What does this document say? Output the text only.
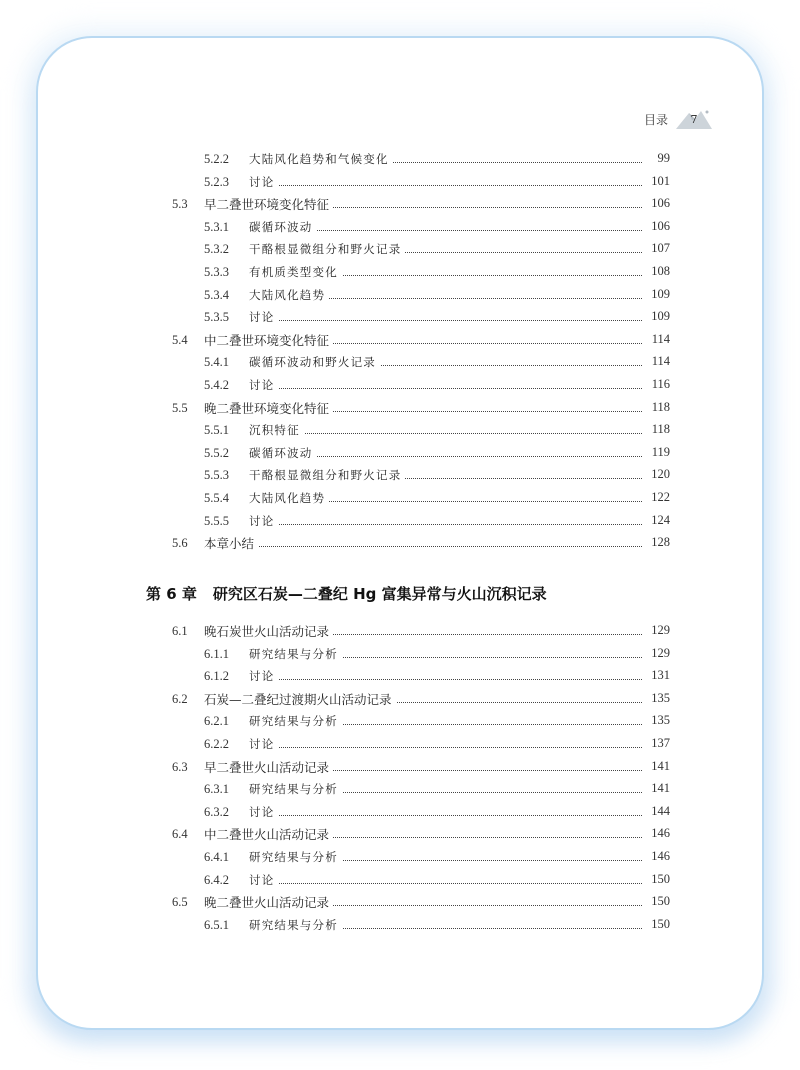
目录	7
5.2.2 大陆风化趋势和气候变化	99
5.2.3 讨论	101
5.3 早二叠世环境变化特征	106
5.3.1 碳循环波动	106
5.3.2 干酪根显微组分和野火记录	107
5.3.3 有机质类型变化	108
5.3.4 大陆风化趋势	109
5.3.5 讨论	109
5.4 中二叠世环境变化特征	114
5.4.1 碳循环波动和野火记录	114
5.4.2 讨论	116
5.5 晚二叠世环境变化特征	118
5.5.1 沉积特征	118
5.5.2 碳循环波动	119
5.5.3 干酪根显微组分和野火记录	120
5.5.4 大陆风化趋势	122
5.5.5 讨论	124
5.6 本章小结	128
第 6 章 研究区石炭—二叠纪 Hg 富集异常与火山沉积记录
6.1 晚石炭世火山活动记录	129
6.1.1 研究结果与分析	129
6.1.2 讨论	131
6.2 石炭—二叠纪过渡期火山活动记录	135
6.2.1 研究结果与分析	135
6.2.2 讨论	137
6.3 早二叠世火山活动记录	141
6.3.1 研究结果与分析	141
6.3.2 讨论	144
6.4 中二叠世火山活动记录	146
6.4.1 研究结果与分析	146
6.4.2 讨论	150
6.5 晚二叠世火山活动记录	150
6.5.1 研究结果与分析	150
